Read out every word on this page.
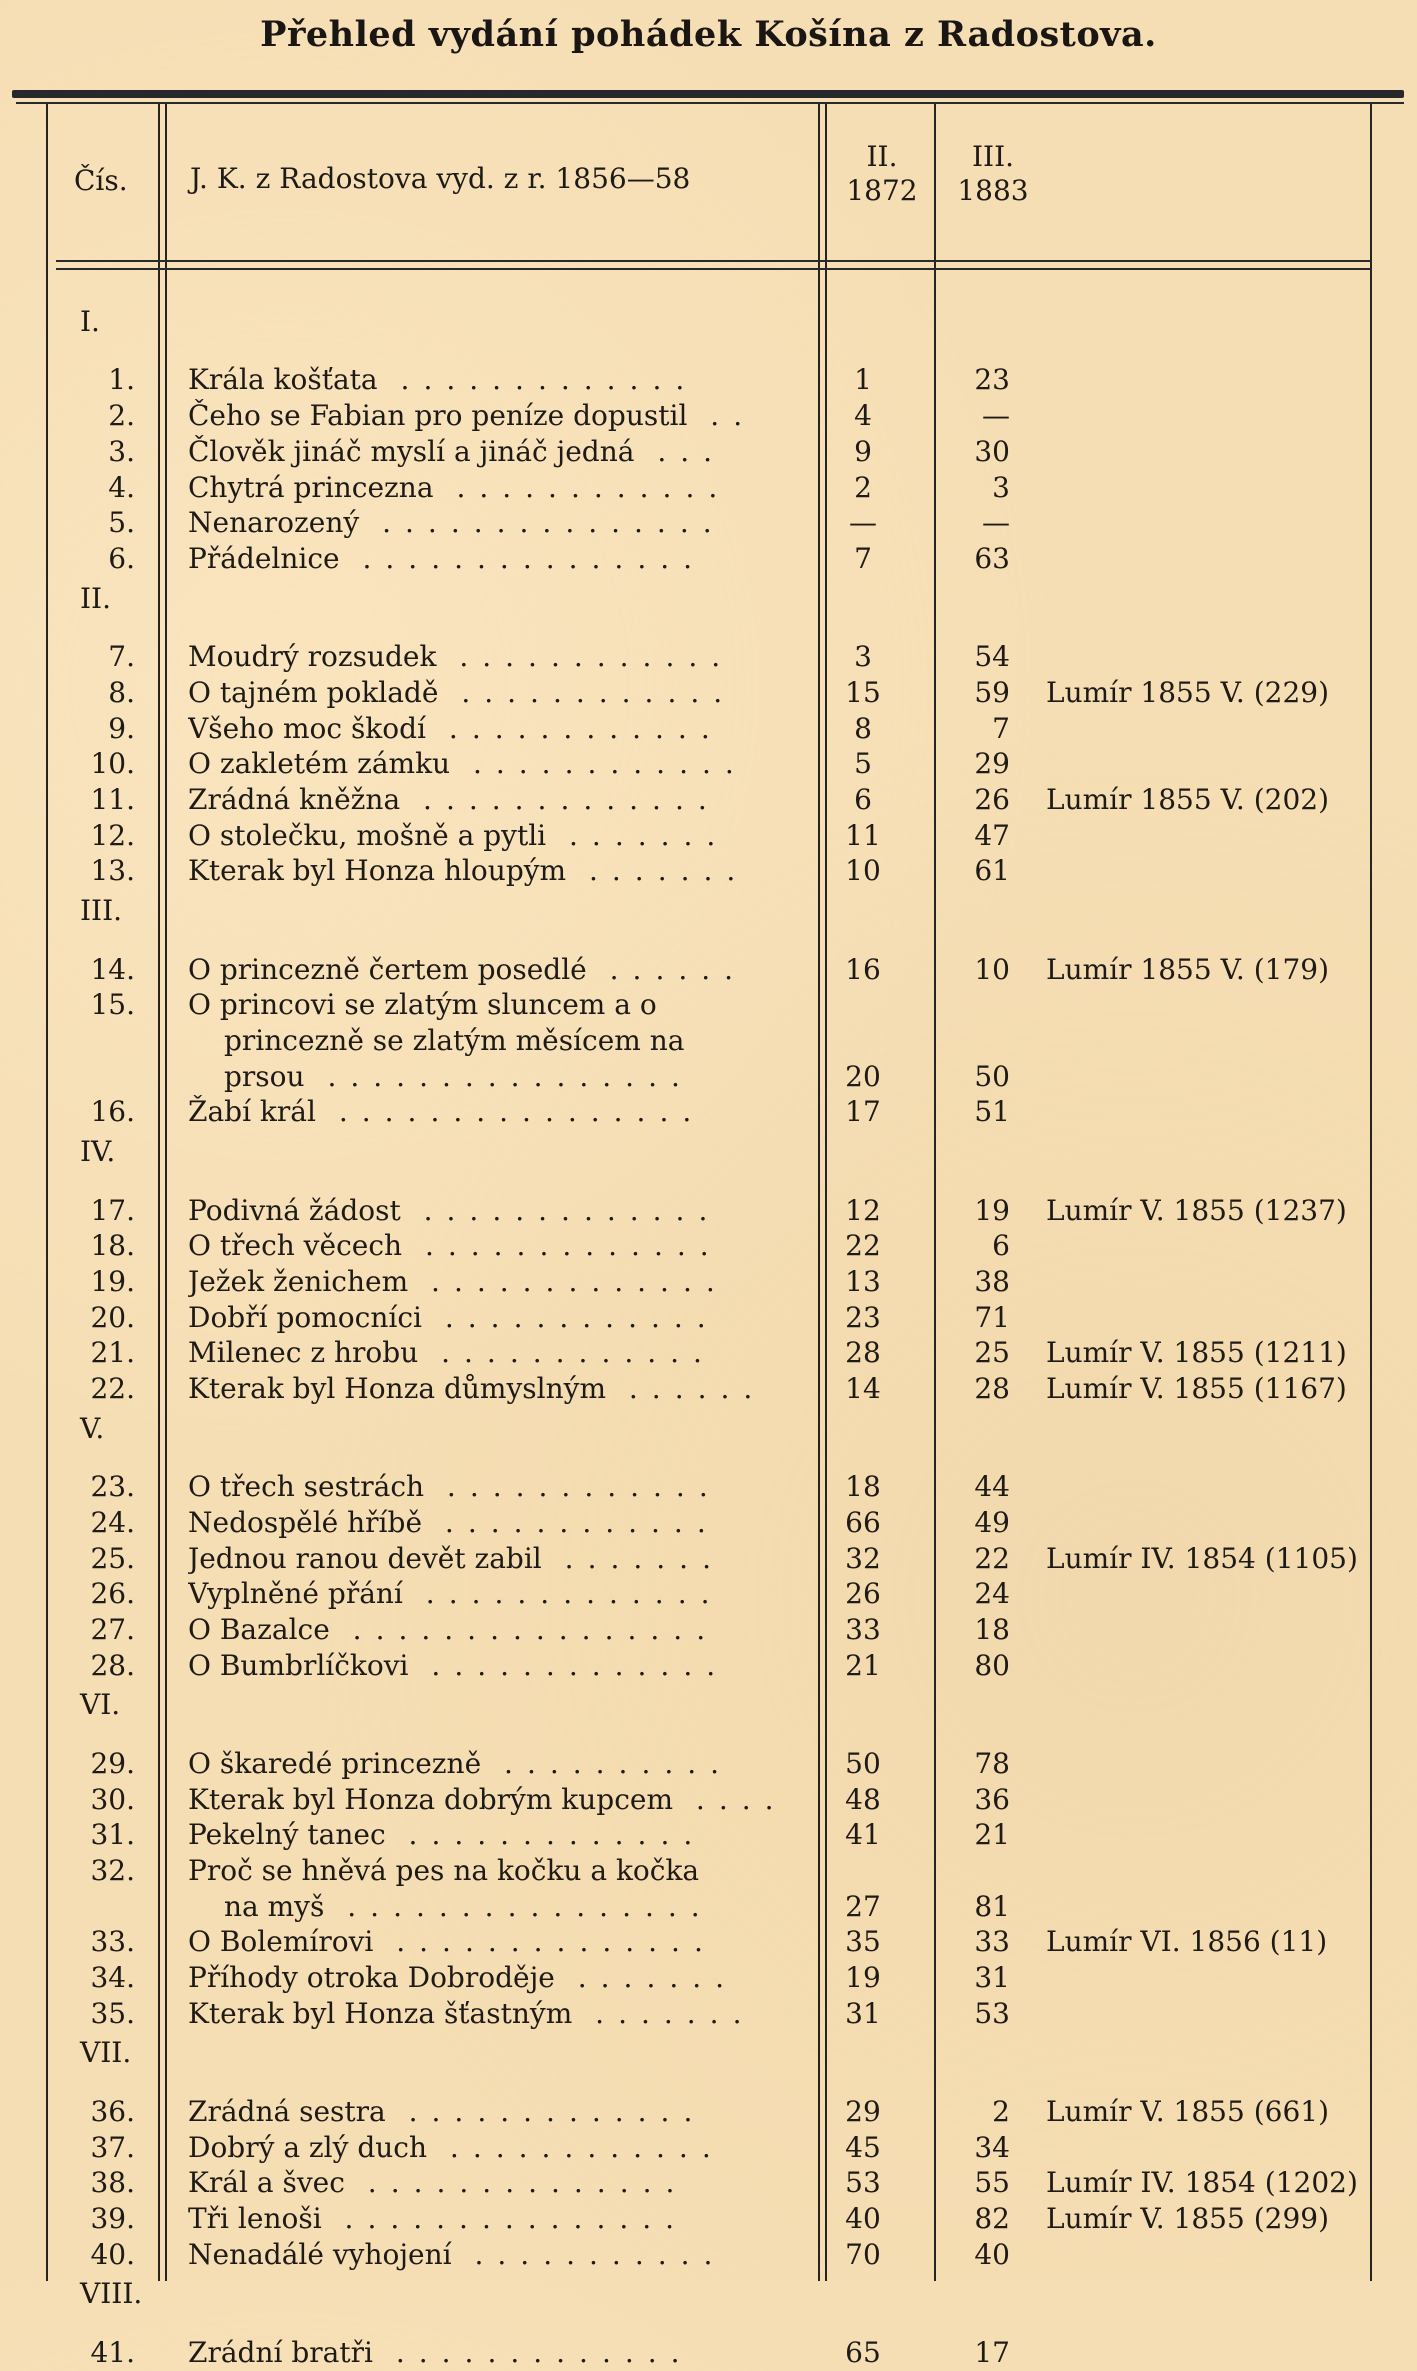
Přehled vydání pohádek Košína z Radostova.
Čís. J. K. z Radostova vyd. z r. 1856—58
II.
1872
III.
1883
I.
1. Krála košťata .............	1	23
2. Čeho se Fabian pro peníze dopustil ..	4	—
3. Člověk jináč myslí a jináč jedná ...	9	30
4. Chytrá princezna ............	2	3
5. Nenarozený ...............	—	—
6. Přádelnice ...............	7	63
II.
7. Moudrý rozsudek ............	3	54
8. O tajném pokladě ............	15	59 Lumír 1855 V. (229)
9. Všeho moc škodí ............	8	7
10. O zakletém zámku ............	5	29
11. Zrádná kněžna .............	6	26 Lumír 1855 V. (202)
12. O stolečku, mošně a pytli .......	11	47
13. Kterak byl Honza hloupým .......	10	61
III.
14. O princezně čertem posedlé ......	16	10 Lumír 1855 V. (179)
15. O princovi se zlatým sluncem a o
princezně se zlatým měsícem na
prsou ................	20	50
16. Žabí král ................	17	51
IV.
17. Podivná žádost .............	12	19 Lumír V. 1855 (1237)
18. O třech věcech .............	22	6
19. Ježek ženichem .............	13	38
20. Dobří pomocníci ............	23	71
21. Milenec z hrobu ............	28	25 Lumír V. 1855 (1211)
22. Kterak byl Honza důmyslným ......	14	28 Lumír V. 1855 (1167)
V.
23. O třech sestrách ............	18	44
24. Nedospělé hříbě ............	66	49
25. Jednou ranou devět zabil .......	32	22 Lumír IV. 1854 (1105)
26. Vyplněné přání .............	26	24
27. O Bazalce ................	33	18
28. O Bumbrlíčkovi .............	21	80
VI.
29. O škaredé princezně ..........	50	78
30. Kterak byl Honza dobrým kupcem ....	48	36
31. Pekelný tanec .............	41	21
32. Proč se hněvá pes na kočku a kočka
na myš ................	27	81
33. O Bolemírovi ..............	35	33 Lumír VI. 1856 (11)
34. Příhody otroka Dobroděje .......	19	31
35. Kterak byl Honza šťastným .......	31	53
VII.
36. Zrádná sestra .............	29	2 Lumír V. 1855 (661)
37. Dobrý a zlý duch ............	45	34
38. Král a švec ..............	53	55 Lumír IV. 1854 (1202)
39. Tři lenoši ...............	40	82 Lumír V. 1855 (299)
40. Nenadálé vyhojení ...........	70	40
VIII.
41. Zrádní bratři .............	65	17
